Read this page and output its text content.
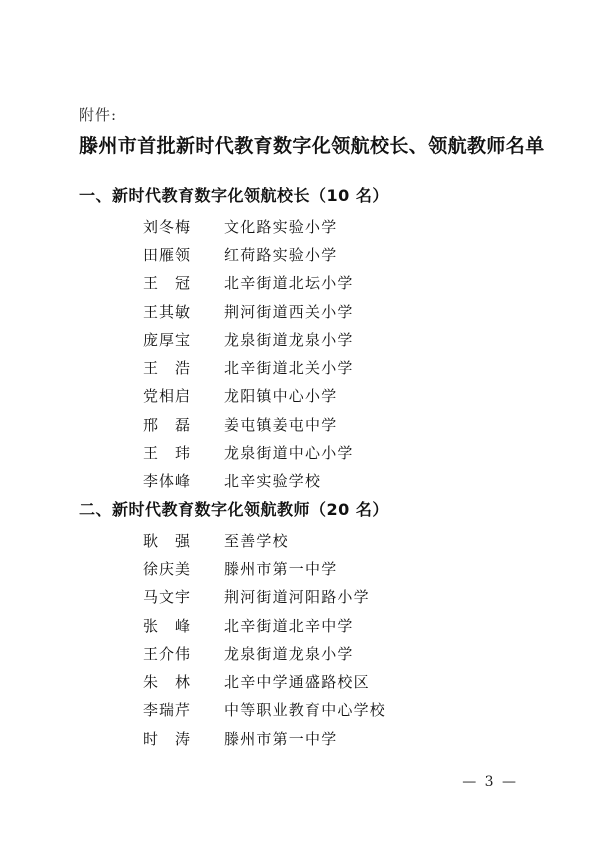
附件:
滕州市首批新时代教育数字化领航校长、领航教师名单
一、新时代教育数字化领航校长（10 名）
刘冬梅	文化路实验小学
田雁领	红荷路实验小学
王　冠	北辛街道北坛小学
王其敏	荆河街道西关小学
庞厚宝	龙泉街道龙泉小学
王　浩	北辛街道北关小学
党相启	龙阳镇中心小学
邢　磊	姜屯镇姜屯中学
王　玮	龙泉街道中心小学
李体峰	北辛实验学校
二、新时代教育数字化领航教师（20 名）
耿　强	至善学校
徐庆美	滕州市第一中学
马文宇	荆河街道河阳路小学
张　峰	北辛街道北辛中学
王介伟	龙泉街道龙泉小学
朱　林	北辛中学通盛路校区
李瑞芹	中等职业教育中心学校
时　涛	滕州市第一中学
— 3 —
